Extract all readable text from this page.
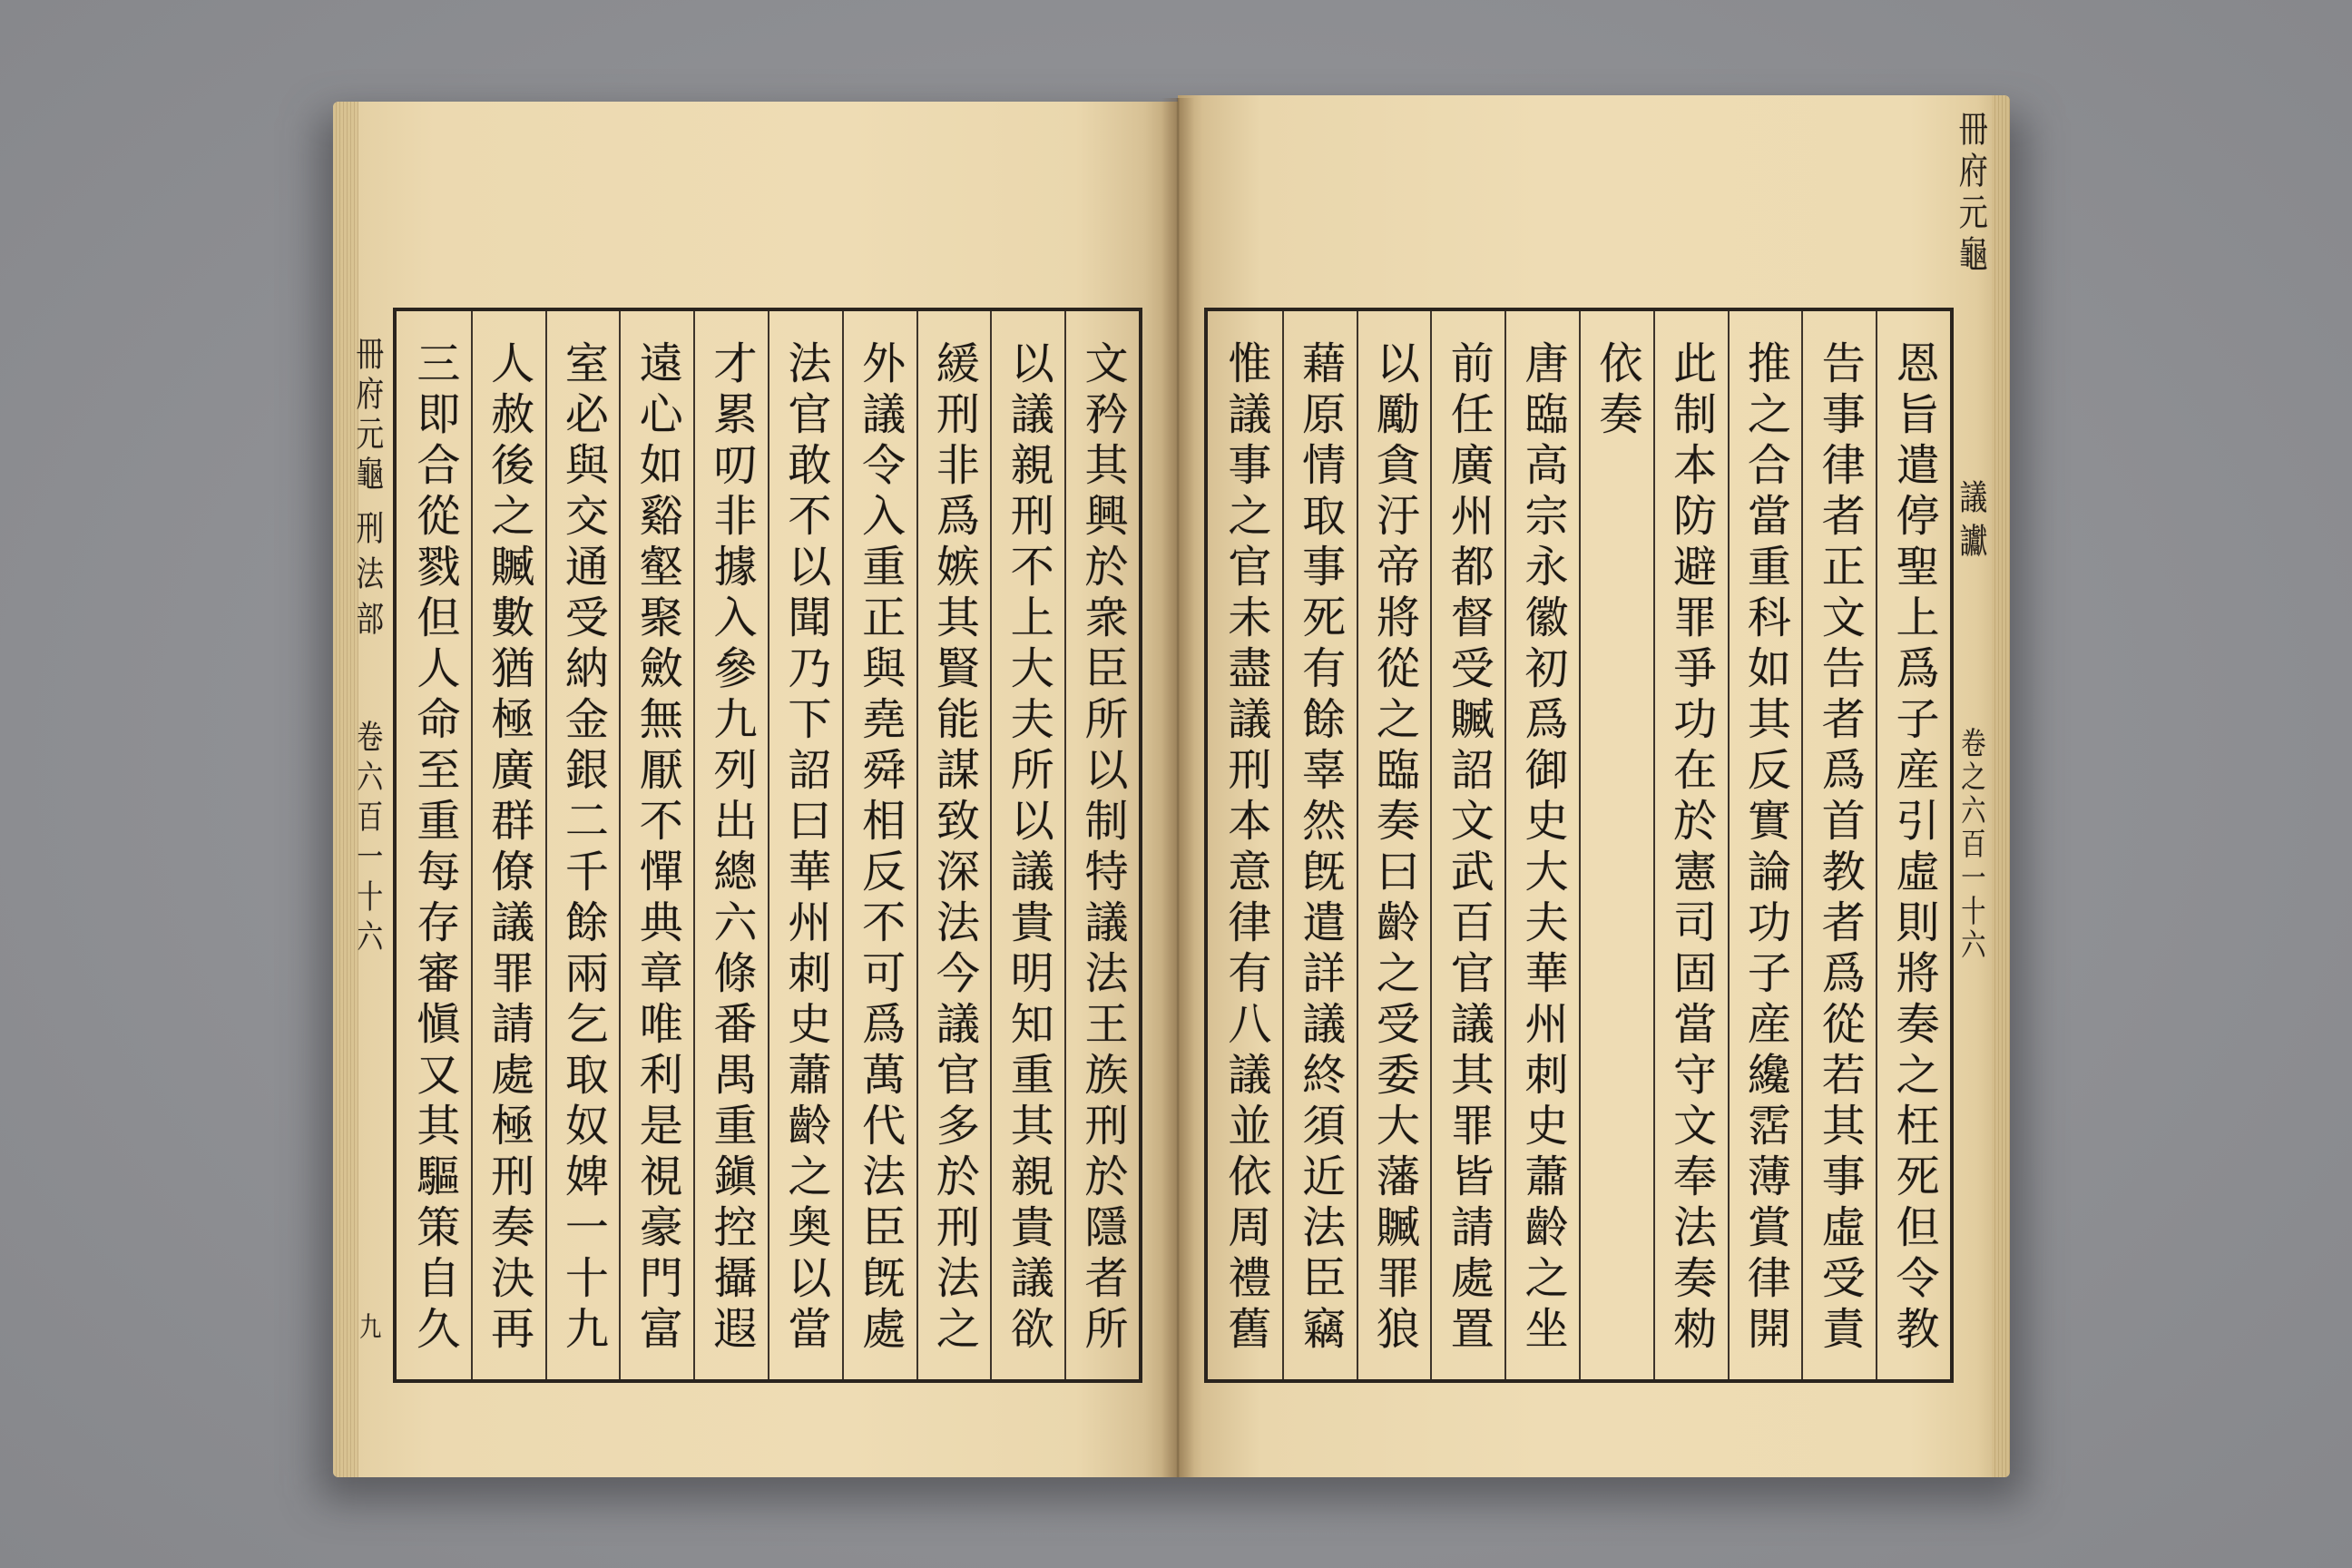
冊府元龜
刑法部
卷六百一十六
九	文矜其興於衆臣所以制特議法王族刑於隱者所
以議親刑不上大夫所以議貴明知重其親貴議欲
緩刑非爲嫉其賢能謀致深法今議官多於刑法之
外議令入重正與堯舜相反不可爲萬代法臣旣處
法官敢不以聞乃下詔曰華州刺史蕭齡之奥以當
才累叨非據入參九列出總六條番禺重鎭控攝遐
遠心如谿壑聚斂無厭不憚典章唯利是視豪門富
室必與交通受納金銀二千餘兩乞取奴婢一十九
人赦後之贓數猶極廣群僚議罪請處極刑奏決再
三即合從戮但人命至重每存審愼又其驅策自久	恩旨遣停聖上爲子産引虛則將奏之枉死但令教
告事律者正文告者爲首教者爲從若其事虛受責
推之合當重科如其反實論功子産纔霑薄賞律開
此制本防避罪爭功在於憲司固當守文奉法奏勑
依奏
唐臨高宗永徽初爲御史大夫華州刺史蕭齡之坐
前任廣州都督受贓詔文武百官議其罪皆請處置
以勵貪汙帝將從之臨奏曰齡之受委大藩贓罪狼
藉原情取事死有餘辜然旣遣詳議終須近法臣竊
惟議事之官未盡議刑本意律有八議並依周禮舊
冊府元龜
議讞
卷之六百一十六
